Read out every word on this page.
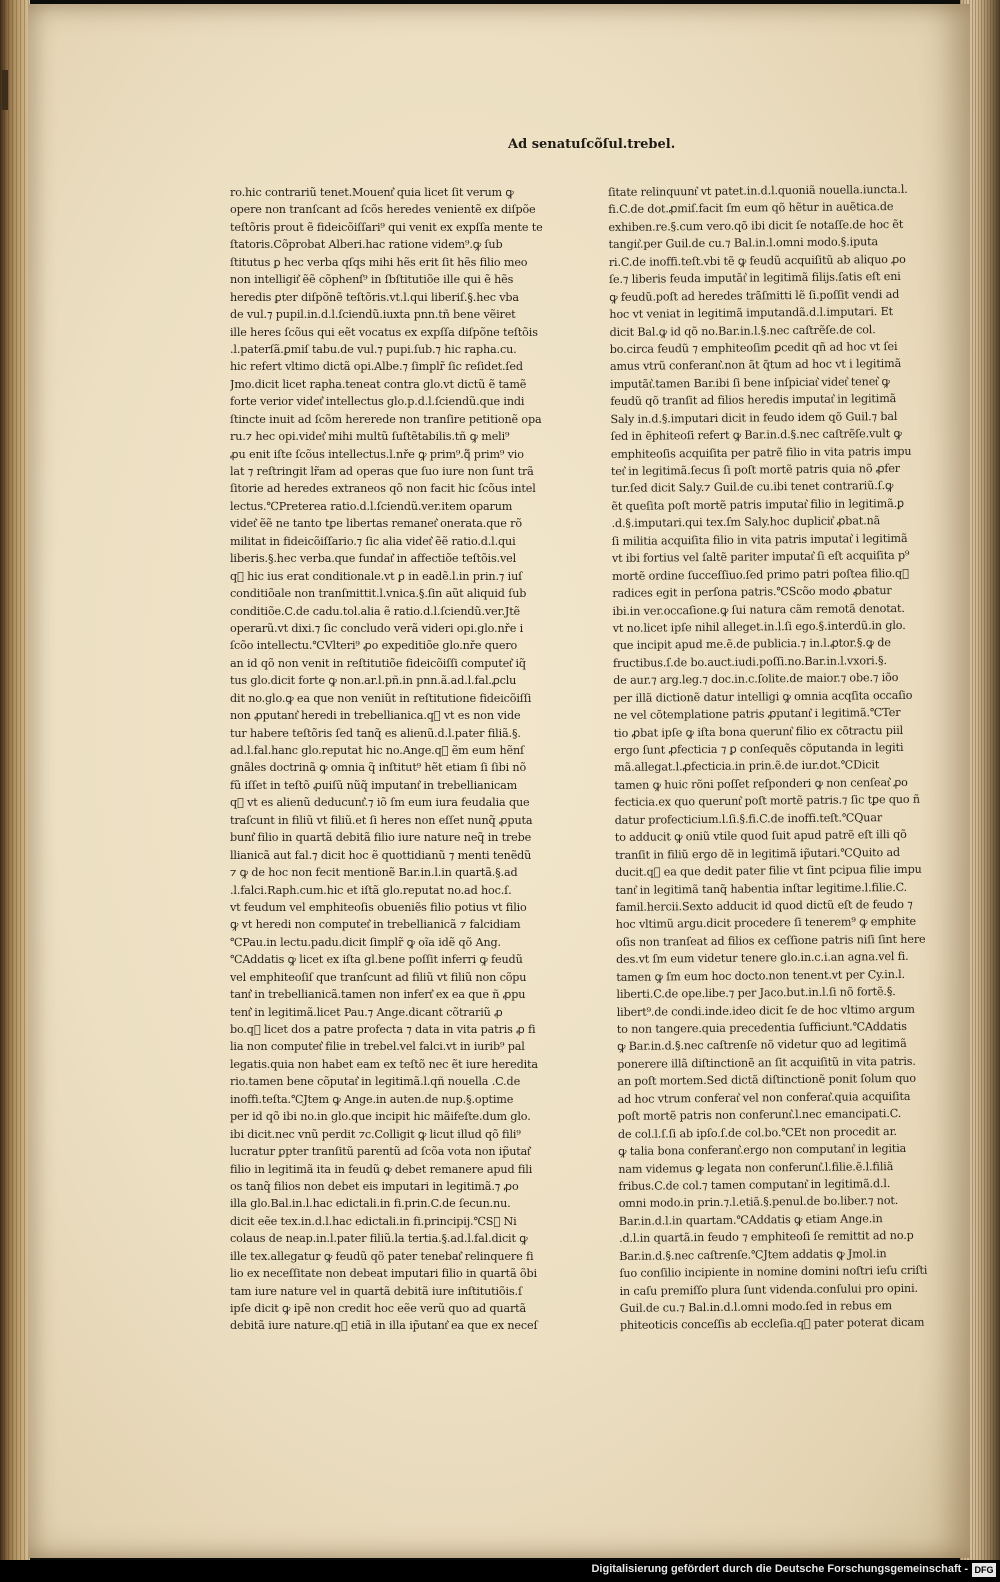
Ad senatuſcõſul.trebel.
ro.hic contrariũ tenet.Mouent͛ quia licet ſit verum ꝙ
opere non tranſcant ad ſcõs heredes venientẽ ex diſpõe
teſtõris prout ẽ fideicõiſſari⁹ qui venit ex expſſa mente te
ſtatoris.Cõprobat Alberi.hac ratione videm⁹.ꝙ ſub
ſtitutus ꝑ hec verba qſqs mihi hẽs erit ſit hẽs filio meo
non intelligit͛ ẽẽ cõphenſ⁹ in ſbſtitutiõe ille qui ẽ hẽs
heredis ꝑter diſpõnẽ teſtõris.vt.l.qui liberiſ.§.hec vba
de vul.⁊ pupil.in.d.l.ſciendũ.iuxta pnn.tñ bene vẽiret
ille heres ſcõus qui eẽt vocatus ex expſſa diſpõne teſtõis
.l.paterſã.ꝑmiſ tabu.de vul.⁊ pupi.ſub.⁊ hic rapha.cu.
hic refert vltimo dictã opi.Albe.⁊ ſimplr̃ ſic reſidet.ſed
Jmo.dicit licet rapha.teneat contra glo.vt dictũ ẽ tamẽ
forte verior videt͛ intellectus glo.p.d.l.ſciendũ.que indi
ſtincte inuit ad ſcõm hererede non tranſire petitionẽ opa
ru.⁊ hec opi.videt͛ mihi multũ ſuſtẽtabilis.tñ ꝙ meli⁹
ꝓu enit iſte ſcõus intellectus.l.nře ꝙ prim⁹.q᷑ prim⁹ vio
lat ⁊ reſtringit lr̃am ad operas que ſuo iure non ſunt trã
ſitorie ad heredes extraneos qõ non facit hic ſcõus intel
lectus.℃Preterea ratio.d.l.ſciendũ.ver.item oparum
videt͛ ẽẽ ne tanto tꝑe libertas remanet͛ onerata.que rõ
militat in fideicõiſſario.⁊ ſic alia videt͛ ẽẽ ratio.d.l.qui
liberis.§.hec verba.que fundat͛ in affectiõe teſtõis.vel
q᷑ hic ius erat conditionale.vt ꝑ in eadẽ.l.in prin.⁊ iuſ
conditiõale non tranſmittit.l.vnica.§.ſin aũt aliquid ſub
conditiõe.C.de cadu.tol.alia ẽ ratio.d.l.ſciendũ.ver.Jtẽ
operarũ.vt dixi.⁊ ſic concludo verã videri opi.glo.nře i
ſcõo intellectu.℃Vlteri⁹ ꝓo expeditiõe glo.nře quero
an id qõ non venit in reſtitutiõe fideicõiſſi computet͛ iq̃
tus glo.dicit forte ꝙ non.ar.l.pñ.in pnn.ã.ad.l.fal.ꝓclu
dit no.glo.ꝙ ea que non veniũt in reſtitutione fideicõiſſi
non ꝓputant͛ heredi in trebellianica.q᷑ vt es non vide
tur habere teſtõris ſed tanq̃ es alienũ.d.l.pater filiã.§.
ad.l.fal.hanc glo.reputat hic no.Ange.q᷑ ẽm eum hẽnſ
gnãles doctrinã ꝙ omnia q̃ inſtitut⁹ hẽt etiam ſi ſibi nõ
fũ iſſet in teſtõ ꝓuiſũ nũq̃ imputant͛ in trebellianicam
q᷑ vt es alienũ deducunt͛.⁊ iõ ſm eum iura feudalia que
traſcunt in filiũ vt filiũ.et ſi heres non eſſet nunq̃ ꝓputa
bunt͛ filio in quartã debitã filio iure nature neq̃ in trebe
llianicã aut fal.⁊ dicit hoc ẽ quottidianũ ⁊ menti tenẽdũ
⁊ ꝙ de hoc non fecit mentionẽ Bar.in.l.in quartã.§.ad
.l.falci.Raph.cum.hic et iſtã glo.reputat no.ad hoc.ſ.
vt feudum vel emphiteoſis obueniẽs filio potius vt filio
ꝙ vt heredi non computet͛ in trebellianicã ⁊ falcidiam
℃Pau.in lectu.padu.dicit ſimplr̃ ꝙ oĩa idẽ qõ Ang.
℃Addatis ꝙ licet ex iſta gl.bene poſſit inferri ꝙ feudũ
vel emphiteoſiſ que tranſcunt ad filiũ vt filiũ non cõpu
tant͛ in trebellianicã.tamen non infert͛ ex ea que ñ ꝓpu
tent͛ in legitimã.licet Pau.⁊ Ange.dicant cõtrariũ ꝓ
bo.q᷑ licet dos a patre profecta ⁊ data in vita patris ꝓ fi
lia non computet͛ filie in trebel.vel falci.vt in iurib⁹ pal
legatis.quia non habet eam ex teſtõ nec ẽt iure heredita
rio.tamen bene cõputat͛ in legitimã.l.qñ nouella .C.de
inoffi.teſta.℃Jtem ꝙ Ange.in auten.de nup.§.optime
per id qõ ibi no.in glo.que incipit hic mãifeſte.dum glo.
ibi dicit.nec vnũ perdit ⁊c.Colligit ꝙ licut illud qõ fili⁹
lucratur ꝑpter tranſitũ parentũ ad ſcõa vota non ip̃utat͛
filio in legitimã ita in feudũ ꝙ debet remanere apud fili
os tanq̃ filios non debet eis imputari in legitimã.⁊ ꝓo
illa glo.Bal.in.l.hac edictali.in fi.prin.C.de ſecun.nu.
dicit eẽe tex.in.d.l.hac edictali.in fi.principij.℃S᷑ Ni
colaus de neap.in.l.pater filiũ.la tertia.§.ad.l.fal.dicit ꝙ
ille tex.allegatur ꝙ feudũ qõ pater tenebat͛ relinquere fi
lio ex neceſſitate non debeat imputari filio in quartã õbi
tam iure nature vel in quartã debitã iure inſtitutiõis.ſ
ipſe dicit ꝙ ipẽ non credit hoc eẽe verũ quo ad quartã
debitã iure nature.q᷑ etiã in illa ip̃utant͛ ea que ex neceſ
ſitate relinquunt͛ vt patet.in.d.l.quoniã nouella.iuncta.l.
fi.C.de dot.ꝓmiſ.facit ſm eum qõ hẽtur in auẽtica.de
exhiben.re.§.cum vero.qõ ibi dicit ſe notaſſe.de hoc ẽt
tangit͛.per Guil.de cu.⁊ Bal.in.l.omni modo.§.iputa
ri.C.de inoffi.teſt.vbi tẽ ꝙ feudũ acquiſitũ ab aliquo ꝓo
ſe.⁊ liberis feuda imputãt͛ in legitimã filijs.ſatis eſt eni
ꝙ feudũ.poſt ad heredes trãſmitti lẽ ſi.poſſit vendi ad
hoc vt veniat in legitimã imputandã.d.l.imputari. Et
dicit Bal.ꝙ id qõ no.Bar.in.l.§.nec caſtrẽſe.de col.
bo.circa feudũ ⁊ emphiteoſim ꝑcedit qñ ad hoc vt ſei
amus vtrũ conferant͛.non ãt q̃tum ad hoc vt i legitimã
imputãt͛.tamen Bar.ibi ſi bene inſpiciat͛ videt͛ tenet͛ ꝙ
feudũ qõ tranſit ad filios heredis imputat͛ in legitimã
Saly in.d.§.imputari dicit in feudo idem qõ Guil.⁊ bal
ſed in ẽphiteoſi refert ꝙ Bar.in.d.§.nec caſtrẽſe.vult ꝙ
emphiteoſis acquiſita per patrẽ filio in vita patris impu
tet͛ in legitimã.ſecus ſi poſt mortẽ patris quia nõ ꝓfer
tur.ſed dicit Saly.⁊ Guil.de cu.ibi tenet contrariũ.ſ.ꝙ
ẽt queſita poſt mortẽ patris imputat͛ filio in legitimã.ꝑ
.d.§.imputari.qui tex.ſm Saly.hoc duplicit͛ ꝓbat.nã
ſi militia acquiſita filio in vita patris imputat͛ i legitimã
vt ibi fortius vel ſaltẽ pariter imputat͛ ſi eſt acquiſita p⁹
mortẽ ordine ſucceſſiuo.ſed primo patri poſtea filio.q᷑
radices egit in perſona patris.℃Scõo modo ꝓbatur
ibi.in ver.occaſione.ꝙ ſui natura cãm remotã denotat.
vt no.licet ipſe nihil alleget.in.l.ſi ego.§.interdũ.in glo.
que incipit apud me.ẽ.de publicia.⁊ in.l.ꝓtor.§.ꝙ de
fructibus.ſ.de bo.auct.iudi.poſſi.no.Bar.in.l.vxori.§.
de aur.⁊ arg.leg.⁊ doc.in.c.ſolite.de maior.⁊ obe.⁊ iõo
per illã dictionẽ datur intelligi ꝙ omnia acqſita occaſio
ne vel cõtemplatione patris ꝓputant͛ i legitimã.℃Ter
tio ꝓbat ipſe ꝙ iſta bona querunt͛ filio ex cõtractu piil
ergo ſunt ꝓfecticia ⁊ ꝑ conſequẽs cõputanda in legiti
mã.allegat.l.ꝓfecticia.in prin.ẽ.de iur.dot.℃Dicit
tamen ꝙ huic rõni poſſet reſponderi ꝙ non cenſeat͛ ꝓo
fecticia.ex quo querunt͛ poſt mortẽ patris.⁊ ſic tꝑe quo ñ
datur profecticium.l.ſi.§.fi.C.de inoffi.teſt.℃Quar
to adducit ꝙ oniũ vtile quod ſuit apud patrẽ eſt illi qõ
tranſit in filiũ ergo dẽ in legitimã ip̃utari.℃Quito ad
ducit.q᷑ ea que dedit pater filie vt ſint pcipua filie impu
tant͛ in legitimã tanq̃ habentia inſtar legitime.l.filie.C.
famil.hercii.Sexto adducit id quod dictũ eſt de feudo ⁊
hoc vltimũ argu.dicit procedere ſi tenerem⁹ ꝙ emphite
oſis non tranſeat ad filios ex ceſſione patris niſi ſint here
des.vt ſm eum videtur tenere glo.in.c.i.an agna.vel fi.
tamen ꝙ ſm eum hoc docto.non tenent.vt per Cy.in.l.
liberti.C.de ope.libe.⁊ per Jaco.but.in.l.ſi nõ fortẽ.§.
libert⁹.de condi.inde.ideo dicit ſe de hoc vltimo argum
to non tangere.quia precedentia ſufficiunt.℃Addatis
ꝙ Bar.in.d.§.nec caſtrenſe nõ videtur quo ad legitimã
ponerere illã diſtinctionẽ an ſit acquiſitũ in vita patris.
an poſt mortem.Sed dictã diſtinctionẽ ponit ſolum quo
ad hoc vtrum conferat͛ vel non conferat͛.quia acquiſita
poſt mortẽ patris non conferunt͛.l.nec emancipati.C.
de col.l.ſ.ſi ab ipſo.ſ.de col.bo.℃Et non procedit ar.
ꝙ talia bona conferant͛.ergo non computant͛ in legitia
nam videmus ꝙ legata non conferunt͛.l.filie.ẽ.l.filiã
fribus.C.de col.⁊ tamen computant͛ in legitimã.d.l.
omni modo.in prin.⁊.l.etiã.§.penul.de bo.liber.⁊ not.
Bar.in.d.l.in quartam.℃Addatis ꝙ etiam Ange.in
.d.l.in quartã.in feudo ⁊ emphiteoſi ſe remittit ad no.p
Bar.in.d.§.nec caſtrenſe.℃Jtem addatis ꝙ Jmol.in
ſuo conſilio incipiente in nomine domini noſtri ieſu criſti
in caſu premiſſo plura ſunt videnda.conſului pro opini.
Guil.de cu.⁊ Bal.in.d.l.omni modo.ſed in rebus em
phiteoticis conceſſis ab eccleſia.q᷑ pater poterat dicam
Digitalisierung gefördert durch die Deutsche Forschungsgemeinschaft - DFG
